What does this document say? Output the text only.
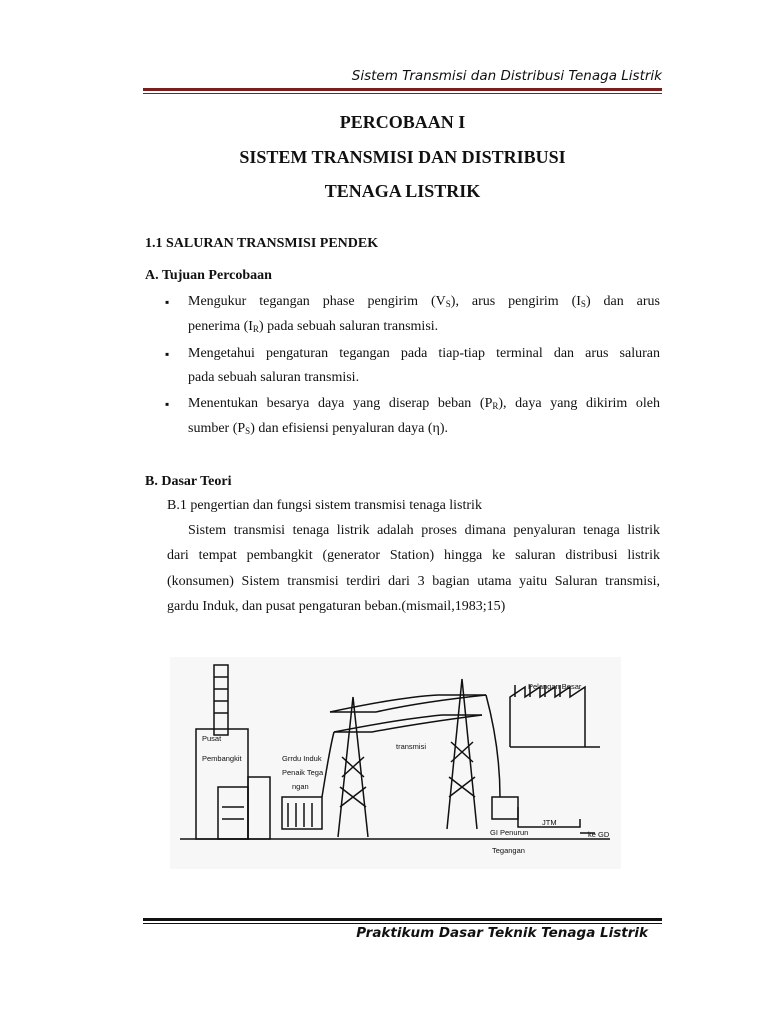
Sistem Transmisi dan Distribusi Tenaga Listrik
PERCOBAAN I
SISTEM TRANSMISI DAN DISTRIBUSI
TENAGA LISTRIK
1.1 SALURAN TRANSMISI PENDEK
A. Tujuan Percobaan
▪ Mengukur tegangan phase pengirim $(V_S)$, arus pengirim $(I_S)$ dan arus
penerima $(I_R)$ pada sebuah saluran transmisi.
▪ Mengetahui pengaturan tegangan pada tiap-tiap terminal dan arus saluran
pada sebuah saluran transmisi.
▪ Menentukan besarya daya yang diserap beban $(P_R)$, daya yang dikirim oleh
sumber $(P_S)$ dan efisiensi penyaluran daya (η).
B. Dasar Teori
B.1 pengertian dan fungsi sistem transmisi tenaga listrik
Sistem transmisi tenaga listrik adalah proses dimana penyaluran tenaga listrik
dari tempat pembangkit (generator Station) hingga ke saluran distribusi listrik
(konsumen) Sistem transmisi terdiri dari 3 bagian utama yaitu Saluran transmisi,
gardu Induk, dan pusat pengaturan beban.(mismail,1983;15)
Pusat
Pembangkit	Grrdu Induk
Penaik Tega
ngan
transmisi
Pelangan Besar
GI Penurun
Tegangan
JTM
ke GD
Praktikum Dasar Teknik Tenaga Listrik
